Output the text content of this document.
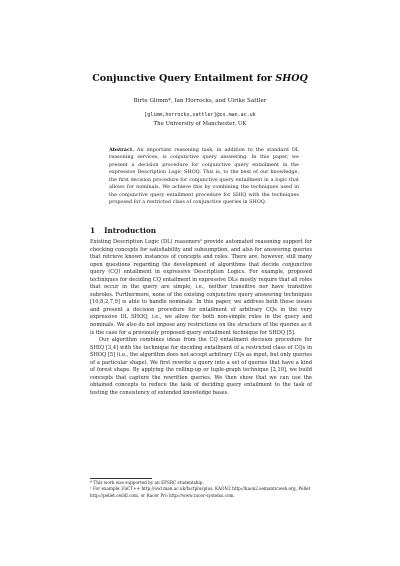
Conjunctive Query Entailment for SHOQ
Birte Glimm*, Ian Horrocks, and Ulrike Sattler
[glimm,horrocks,sattler]@cs.man.ac.uk
The University of Manchester, UK

Abstract. An important reasoning task, in addition to the standard DL reasoning services, is conjunctive query answering. In this paper, we present a decision procedure for conjunctive query entailment in the expressive Description Logic SHOQ. This is, to the best of our knowledge, the first decision procedure for conjunctive query entailment in a logic that allows for nominals. We achieve this by combining the techniques used in the conjunctive query entailment procedure for SHIQ with the techniques proposed for a restricted class of conjunctive queries in SHOQ.

1 Introduction

Existing Description Logic (DL) reasoners¹ provide automated reasoning support for checking concepts for satisfiability and subsumption, and also for answering queries that retrieve known instances of concepts and roles. There are, however, still many open questions regarding the development of algorithms that decide conjunctive query (CQ) entailment in expressive Description Logics. For example, proposed techniques for deciding CQ entailment in expressive DLs mostly require that all roles that occur in the query are simple, i.e., neither transitive nor have transitive subroles. Furthermore, none of the existing conjunctive query answering techniques [10,8,2,7,9] is able to handle nominals. In this paper, we address both these issues and present a decision procedure for entailment of arbitrary CQs in the very expressive DL SHOQ, i.e., we allow for both non-simple roles in the query and nominals. We also do not impose any restrictions on the structure of the queries as it is the case for a previously proposed query entailment technique for SHOQ [5].

Our algorithm combines ideas from the CQ entailment decision procedure for SHIQ [3,4] with the technique for deciding entailment of a restricted class of CQs in SHOQ [5] (i.e., the algorithm does not accept arbitrary CQs as input, but only queries of a particular shape). We first rewrite a query into a set of queries that have a kind of forest shape. By applying the rolling-up or tuple-graph technique [2,10], we build concepts that capture the rewritten queries. We then show that we can use the obtained concepts to reduce the task of deciding query entailment to the task of testing the consistency of extended knowledge bases.

* This work was supported by an EPSRC studentship.
¹ For example, FaCT++ http://owl.man.ac.uk/factplusplus, KAON2 http://kaon2.semanticweb.org, Pellet http://pellet.owldl.com, or Racer Pro http://www.racer-systems.com.
